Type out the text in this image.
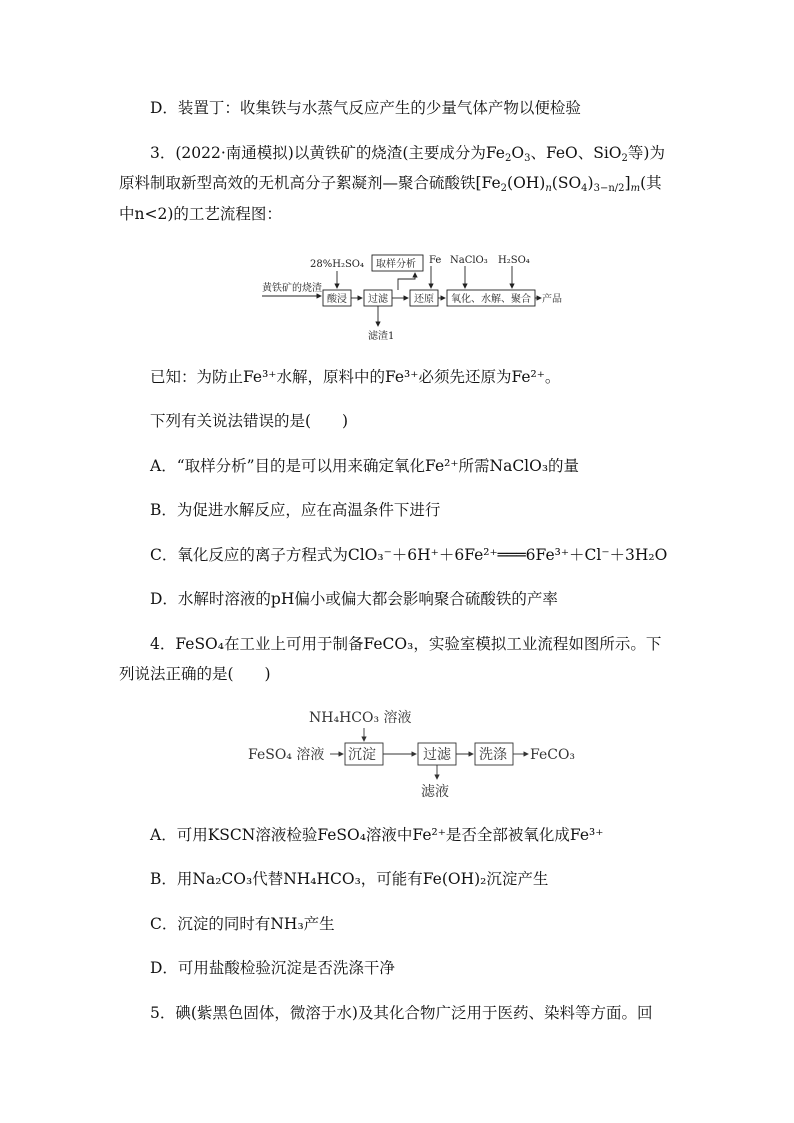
D．装置丁：收集铁与水蒸气反应产生的少量气体产物以便检验
3．(2022·南通模拟)以黄铁矿的烧渣(主要成分为$Fe_2O_3$、FeO、SiO$_2$等)为
原料制取新型高效的无机高分子絮凝剂—聚合硫酸铁$[Fe_2(OH)_n(SO_4)_{3-n/2}]_m$(其
中n<2)的工艺流程图：
黄铁矿的烧渣
28%H₂SO₄ 取样分析 Fe NaClO₃ H₂SO₄
酸浸 过滤	还原 氧化、水解、聚合 产品
滤渣1
已知：为防止Fe³⁺水解，原料中的Fe³⁺必须先还原为Fe²⁺。
下列有关说法错误的是(　　)
A．“取样分析”目的是可以用来确定氧化Fe²⁺所需NaClO₃的量
B．为促进水解反应，应在高温条件下进行
C．氧化反应的离子方程式为ClO₃⁻＋6H⁺＋6Fe²⁺═══6Fe³⁺＋Cl⁻＋3H₂O
D．水解时溶液的pH偏小或偏大都会影响聚合硫酸铁的产率
4．FeSO₄在工业上可用于制备FeCO₃，实验室模拟工业流程如图所示。下
列说法正确的是(　　)
NH₄HCO₃ 溶液
FeSO₄ 溶液 沉淀	过滤 洗涤 FeCO₃
滤液
A．可用KSCN溶液检验FeSO₄溶液中Fe²⁺是否全部被氧化成Fe³⁺
B．用Na₂CO₃代替NH₄HCO₃，可能有Fe(OH)₂沉淀产生
C．沉淀的同时有NH₃产生
D．可用盐酸检验沉淀是否洗涤干净
5．碘(紫黑色固体，微溶于水)及其化合物广泛用于医药、染料等方面。回
